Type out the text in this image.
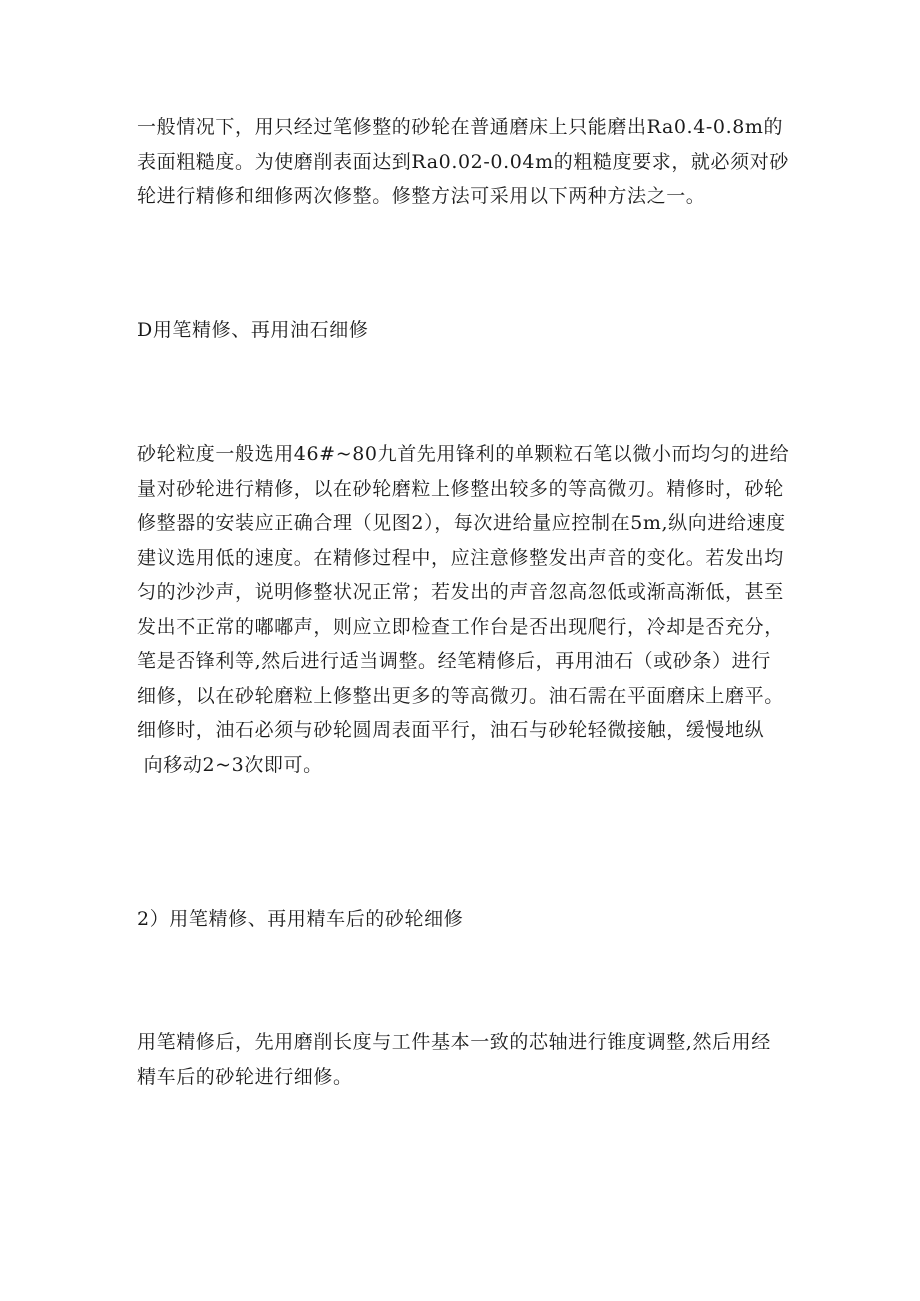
一般情况下，用只经过笔修整的砂轮在普通磨床上只能磨出Ra0.4-0.8m的
表面粗糙度。为使磨削表面达到Ra0.02-0.04m的粗糙度要求，就必须对砂
轮进行精修和细修两次修整。修整方法可采用以下两种方法之一。

D用笔精修、再用油石细修

砂轮粒度一般选用46#~80九首先用锋利的单颗粒石笔以微小而均匀的进给
量对砂轮进行精修，以在砂轮磨粒上修整出较多的等高微刃。精修时，砂轮
修整器的安装应正确合理（见图2），每次进给量应控制在5m,纵向进给速度
建议选用低的速度。在精修过程中，应注意修整发出声音的变化。若发出均
匀的沙沙声，说明修整状况正常；若发出的声音忽高忽低或渐高渐低，甚至
发出不正常的嘟嘟声，则应立即检查工作台是否出现爬行，冷却是否充分，
笔是否锋利等,然后进行适当调整。经笔精修后，再用油石（或砂条）进行
细修，以在砂轮磨粒上修整出更多的等高微刃。油石需在平面磨床上磨平。
细修时，油石必须与砂轮圆周表面平行，油石与砂轮轻微接触，缓慢地纵
向移动2~3次即可。

2）用笔精修、再用精车后的砂轮细修

用笔精修后，先用磨削长度与工件基本一致的芯轴进行锥度调整,然后用经
精车后的砂轮进行细修。
